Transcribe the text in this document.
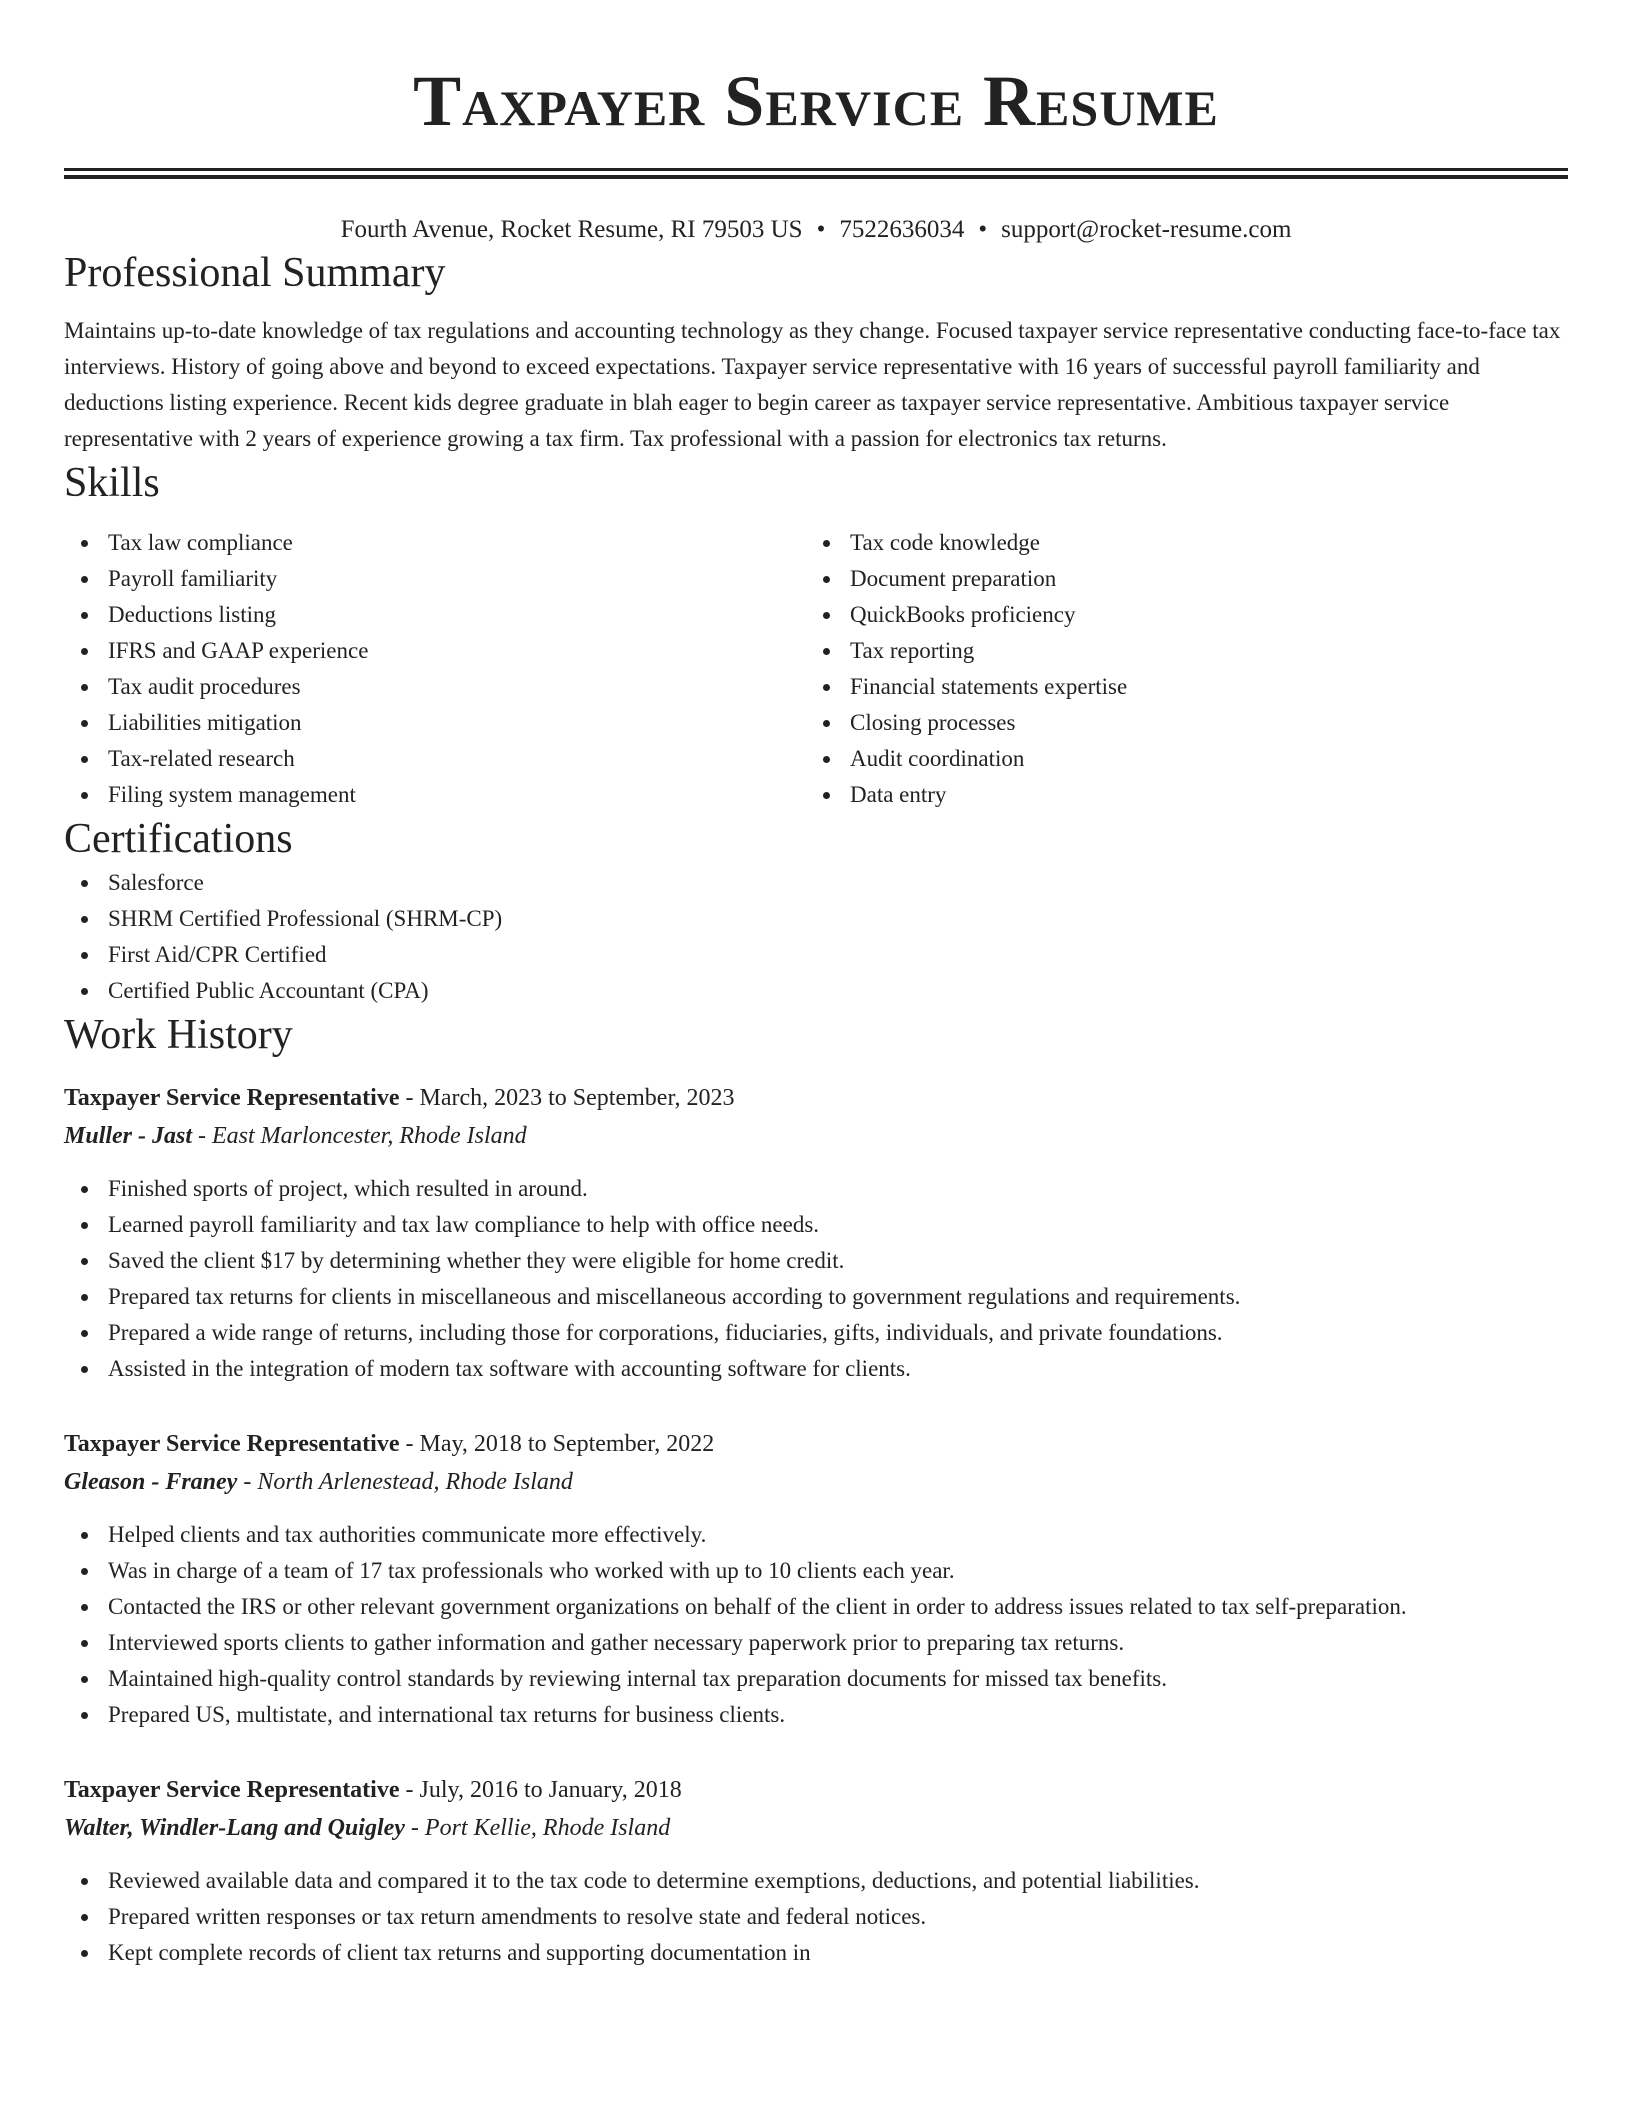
Taxpayer Service Resume
Fourth Avenue, Rocket Resume, RI 79503 US • 7522636034 • support@rocket-resume.com
Professional Summary
Maintains up-to-date knowledge of tax regulations and accounting technology as they change. Focused taxpayer service representative conducting face-to-face tax interviews. History of going above and beyond to exceed expectations. Taxpayer service representative with 16 years of successful payroll familiarity and deductions listing experience. Recent kids degree graduate in blah eager to begin career as taxpayer service representative. Ambitious taxpayer service representative with 2 years of experience growing a tax firm. Tax professional with a passion for electronics tax returns.
Skills
Tax law compliance
Payroll familiarity
Deductions listing
IFRS and GAAP experience
Tax audit procedures
Liabilities mitigation
Tax-related research
Filing system management
Tax code knowledge
Document preparation
QuickBooks proficiency
Tax reporting
Financial statements expertise
Closing processes
Audit coordination
Data entry
Certifications
Salesforce
SHRM Certified Professional (SHRM-CP)
First Aid/CPR Certified
Certified Public Accountant (CPA)
Work History
Taxpayer Service Representative - March, 2023 to September, 2023
Muller - Jast - East Marloncester, Rhode Island
Finished sports of project, which resulted in around.
Learned payroll familiarity and tax law compliance to help with office needs.
Saved the client $17 by determining whether they were eligible for home credit.
Prepared tax returns for clients in miscellaneous and miscellaneous according to government regulations and requirements.
Prepared a wide range of returns, including those for corporations, fiduciaries, gifts, individuals, and private foundations.
Assisted in the integration of modern tax software with accounting software for clients.
Taxpayer Service Representative - May, 2018 to September, 2022
Gleason - Franey - North Arlenestead, Rhode Island
Helped clients and tax authorities communicate more effectively.
Was in charge of a team of 17 tax professionals who worked with up to 10 clients each year.
Contacted the IRS or other relevant government organizations on behalf of the client in order to address issues related to tax self-preparation.
Interviewed sports clients to gather information and gather necessary paperwork prior to preparing tax returns.
Maintained high-quality control standards by reviewing internal tax preparation documents for missed tax benefits.
Prepared US, multistate, and international tax returns for business clients.
Taxpayer Service Representative - July, 2016 to January, 2018
Walter, Windler-Lang and Quigley - Port Kellie, Rhode Island
Reviewed available data and compared it to the tax code to determine exemptions, deductions, and potential liabilities.
Prepared written responses or tax return amendments to resolve state and federal notices.
Kept complete records of client tax returns and supporting documentation in
